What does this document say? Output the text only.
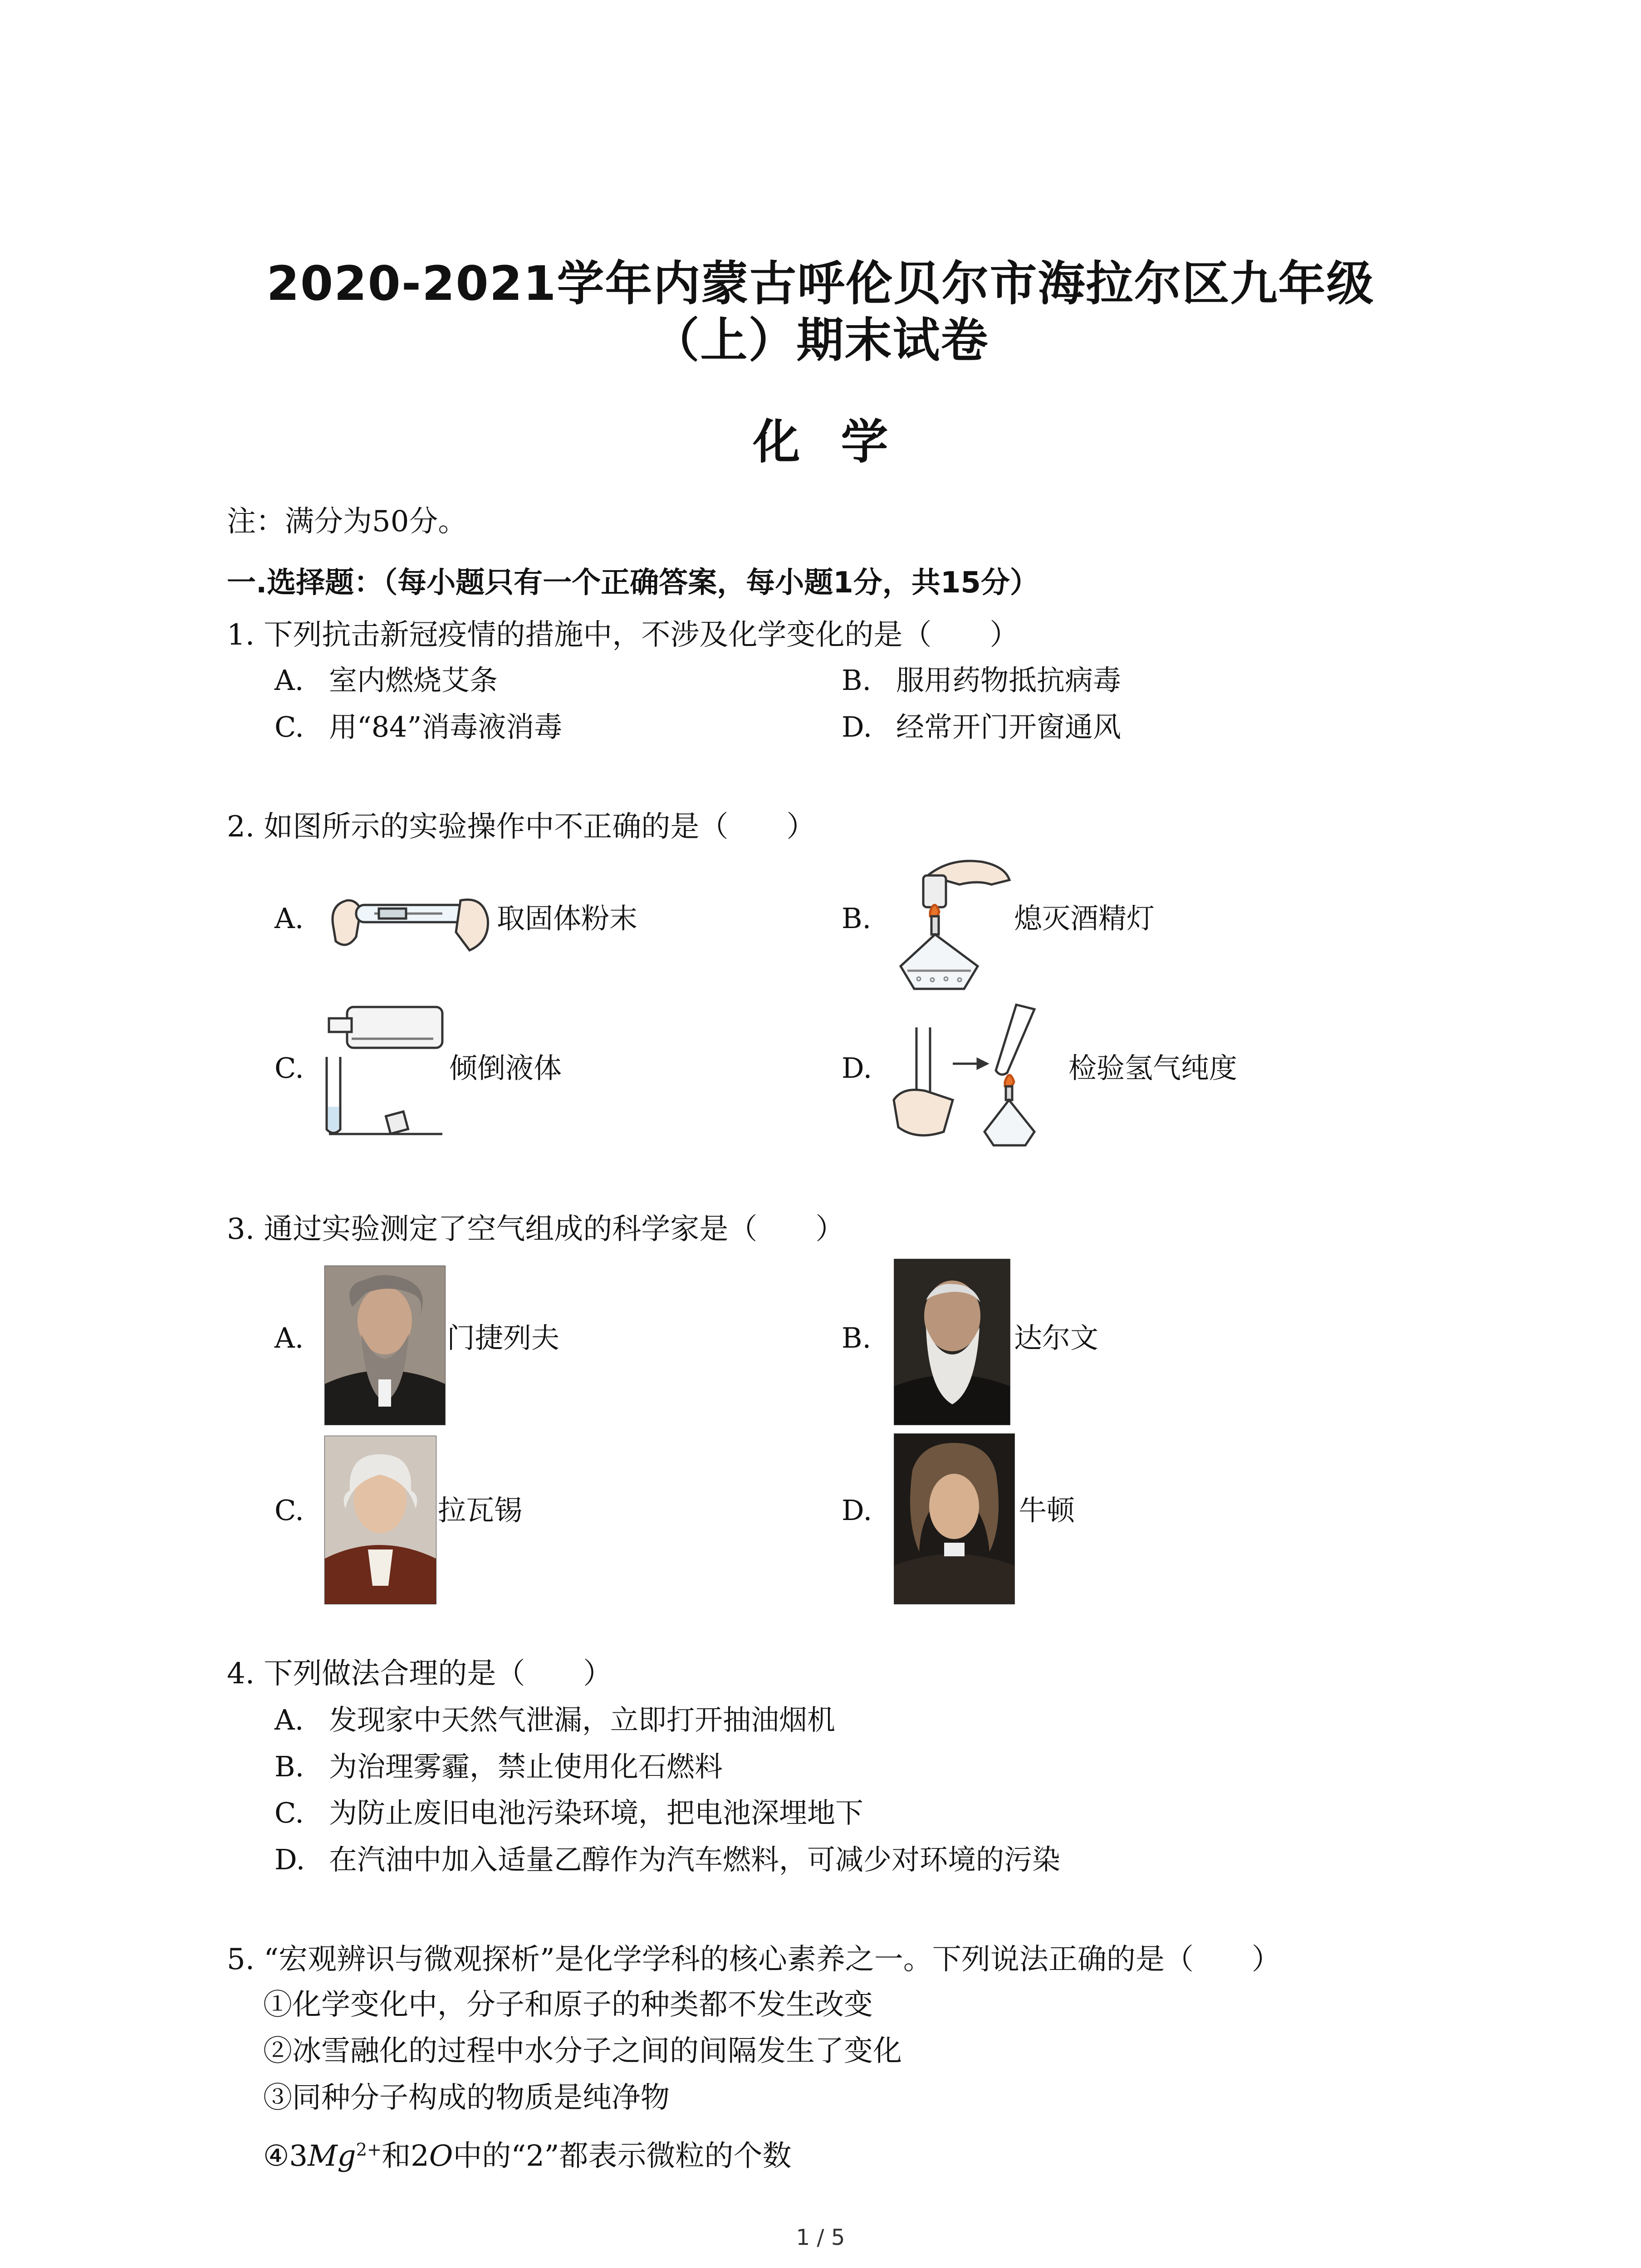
2020-2021学年内蒙古呼伦贝尔市海拉尔区九年级
（上）期末试卷
化学
注：满分为50分。
一.选择题：（每小题只有一个正确答案，每小题1分，共15分）
1. 下列抗击新冠疫情的措施中，不涉及化学变化的是（　　）
A. 室内燃烧艾条	B. 服用药物抵抗病毒
C. 用“84”消毒液消毒	D. 经常开门开窗通风
2. 如图所示的实验操作中不正确的是（　　）
A.	取固体粉末	B.	熄灭酒精灯
C.	倾倒液体	D.	检验氢气纯度
3. 通过实验测定了空气组成的科学家是（　　）
A.	门捷列夫	B.	达尔文
C.	拉瓦锡	D.	牛顿
4. 下列做法合理的是（　　）
A. 发现家中天然气泄漏，立即打开抽油烟机
B. 为治理雾霾，禁止使用化石燃料
C. 为防止废旧电池污染环境，把电池深埋地下
D. 在汽油中加入适量乙醇作为汽车燃料，可减少对环境的污染
5. “宏观辨识与微观探析”是化学学科的核心素养之一。下列说法正确的是（　　）
①化学变化中，分子和原子的种类都不发生改变
②冰雪融化的过程中水分子之间的间隔发生了变化
③同种分子构成的物质是纯净物
$④3Mg^{2+}$和2O中的“2”都表示微粒的个数
1 / 5
